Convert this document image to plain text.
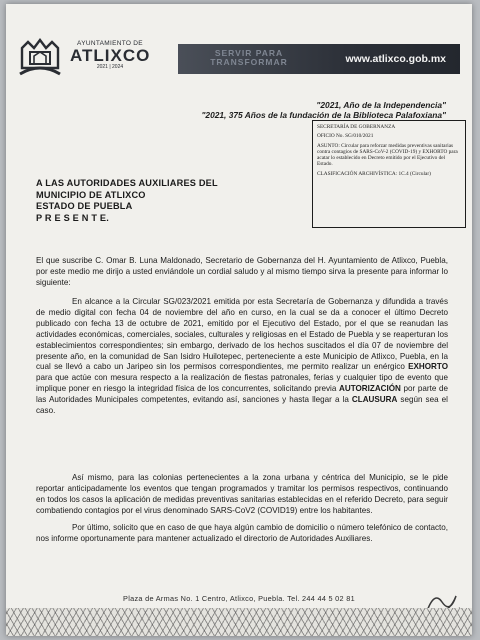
AYUNTAMIENTO DE
ATLIXCO
2021 | 2024
SERVIR PARA TRANSFORMAR	www.atlixco.gob.mx
"2021, Año de la Independencia"
"2021, 375 Años de la fundación de la Biblioteca Palafoxiana"

SECRETARÍA DE GOBERNANZA

OFICIO No. SG/010/2021

ASUNTO: Circular para reforzar medidas preventivas sanitarias contra contagios de SARS-CoV-2 (COVID-19) y EXHORTO para acatar lo establecido en Decreto emitido por el Ejecutivo del Estado.

CLASIFICACIÓN ARCHIVÍSTICA: 1C.4 (Circular)

A LAS AUTORIDADES AUXILIARES DEL
MUNICIPIO DE ATLIXCO
ESTADO DE PUEBLA
P R E S E N T E.

El que suscribe C. Omar B. Luna Maldonado, Secretario de Gobernanza del H. Ayuntamiento de Atlixco, Puebla, por este medio me dirijo a usted enviándole un cordial saludo y al mismo tiempo sirva la presente para informar lo siguiente:

En alcance a la Circular SG/023/2021 emitida por esta Secretaría de Gobernanza y difundida a través de medio digital con fecha 04 de noviembre del año en curso, en la cual se da a conocer el último Decreto publicado con fecha 13 de octubre de 2021, emitido por el Ejecutivo del Estado, por el que se reanudan las actividades económicas, comerciales, sociales, culturales y religiosas en el Estado de Puebla y se reaperturan los establecimientos correspondientes; sin embargo, derivado de los hechos suscitados el día 07 de noviembre del presente año, en la comunidad de San Isidro Huilotepec, perteneciente a este Municipio de Atlixco, Puebla, en la cual se llevó a cabo un Jaripeo sin los permisos correspondientes, me permito realizar un enérgico EXHORTO para que actúe con mesura respecto a la realización de fiestas patronales, ferias y cualquier tipo de evento que implique poner en riesgo la integridad física de los concurrentes, solicitando previa AUTORIZACIÓN por parte de las Autoridades Municipales competentes, evitando así, sanciones y hasta llegar a la CLAUSURA según sea el caso.

Así mismo, para las colonias pertenecientes a la zona urbana y céntrica del Municipio, se le pide reportar anticipadamente los eventos que tengan programados y tramitar los permisos respectivos, continuando en todos los casos la aplicación de medidas preventivas sanitarias establecidas en el referido Decreto, para seguir combatiendo contagios por el virus denominado SARS-CoV2 (COVID19) entre los habitantes.

Por último, solicito que en caso de que haya algún cambio de domicilio o número telefónico de contacto, nos informe oportunamente para mantener actualizado el directorio de Autoridades Auxiliares.

Plaza de Armas No. 1 Centro, Atlixco, Puebla. Tel. 244 44 5 02 81
